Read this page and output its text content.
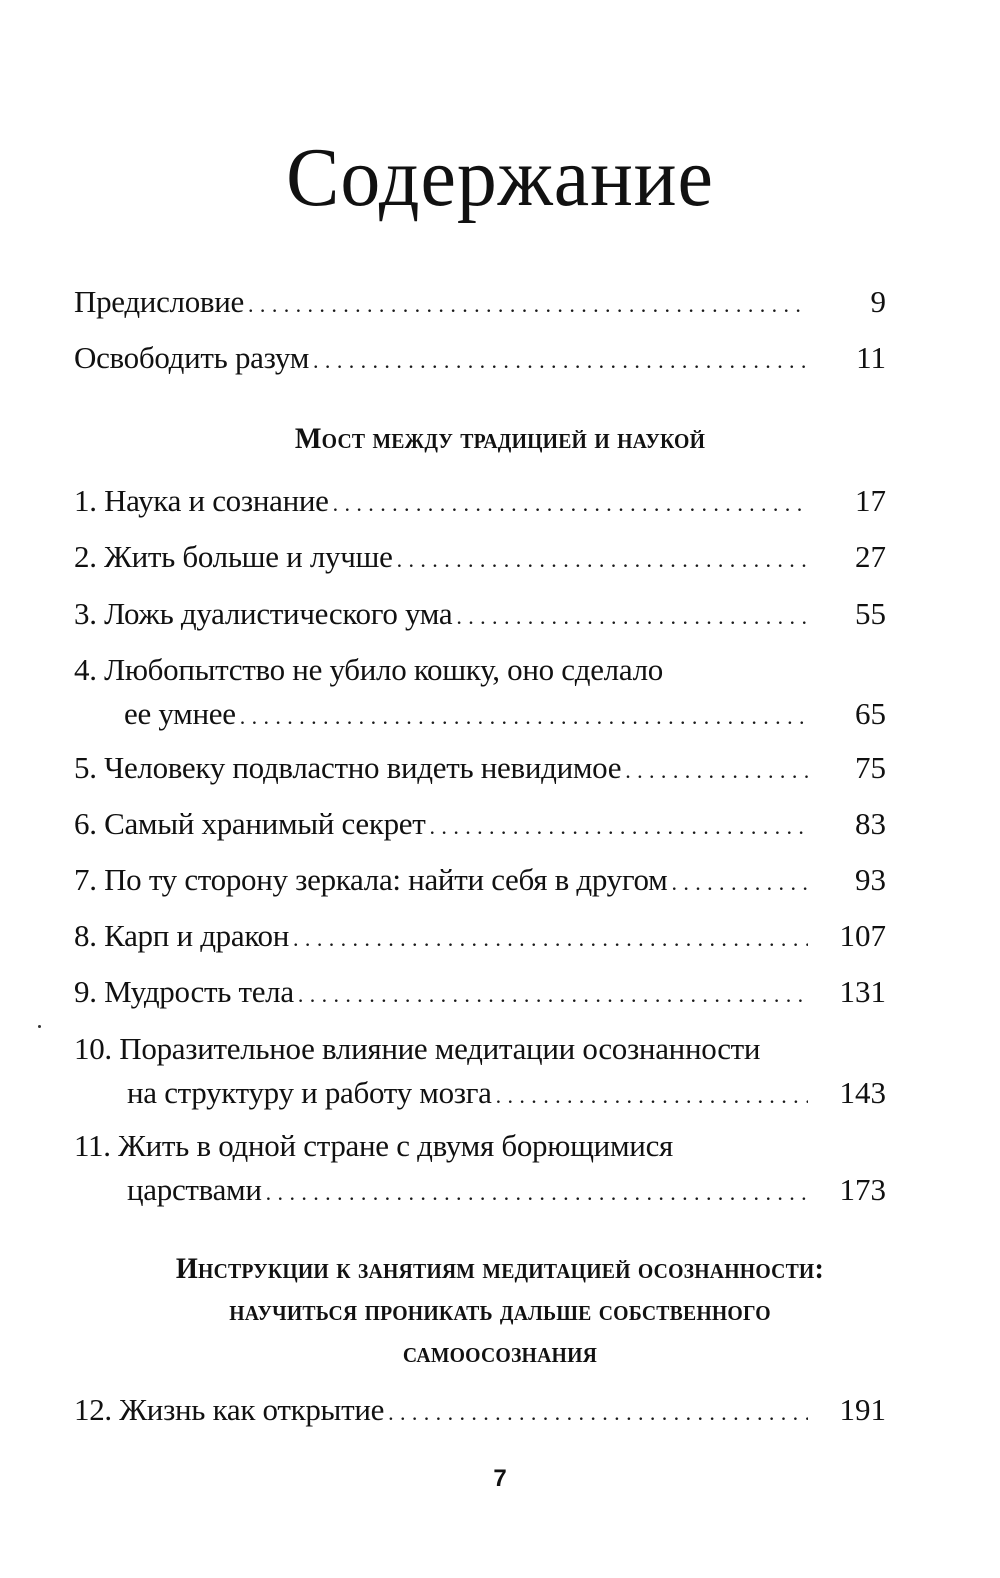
Содержание
Предисловие .....	9
Освободить разум .....	11
Мост между традицией и наукой
1. Наука и сознание .....	17
2. Жить больше и лучше .....	27
3. Ложь дуалистического ума .....	55
4. Любопытство не убило кошку, оно сделало
ее умнее .....	65
5. Человеку подвластно видеть невидимое .....	75
6. Самый хранимый секрет .....	83
7. По ту сторону зеркала: найти себя в другом .....	93
8. Карп и дракон .....	107
9. Мудрость тела .....	131
10. Поразительное влияние медитации осознанности
на структуру и работу мозга .....	143
11. Жить в одной стране с двумя борющимися
царствами .....	173
Инструкции к занятиям медитацией осознанности:
научиться проникать дальше собственного
самоосознания
12. Жизнь как открытие .....	191
7
